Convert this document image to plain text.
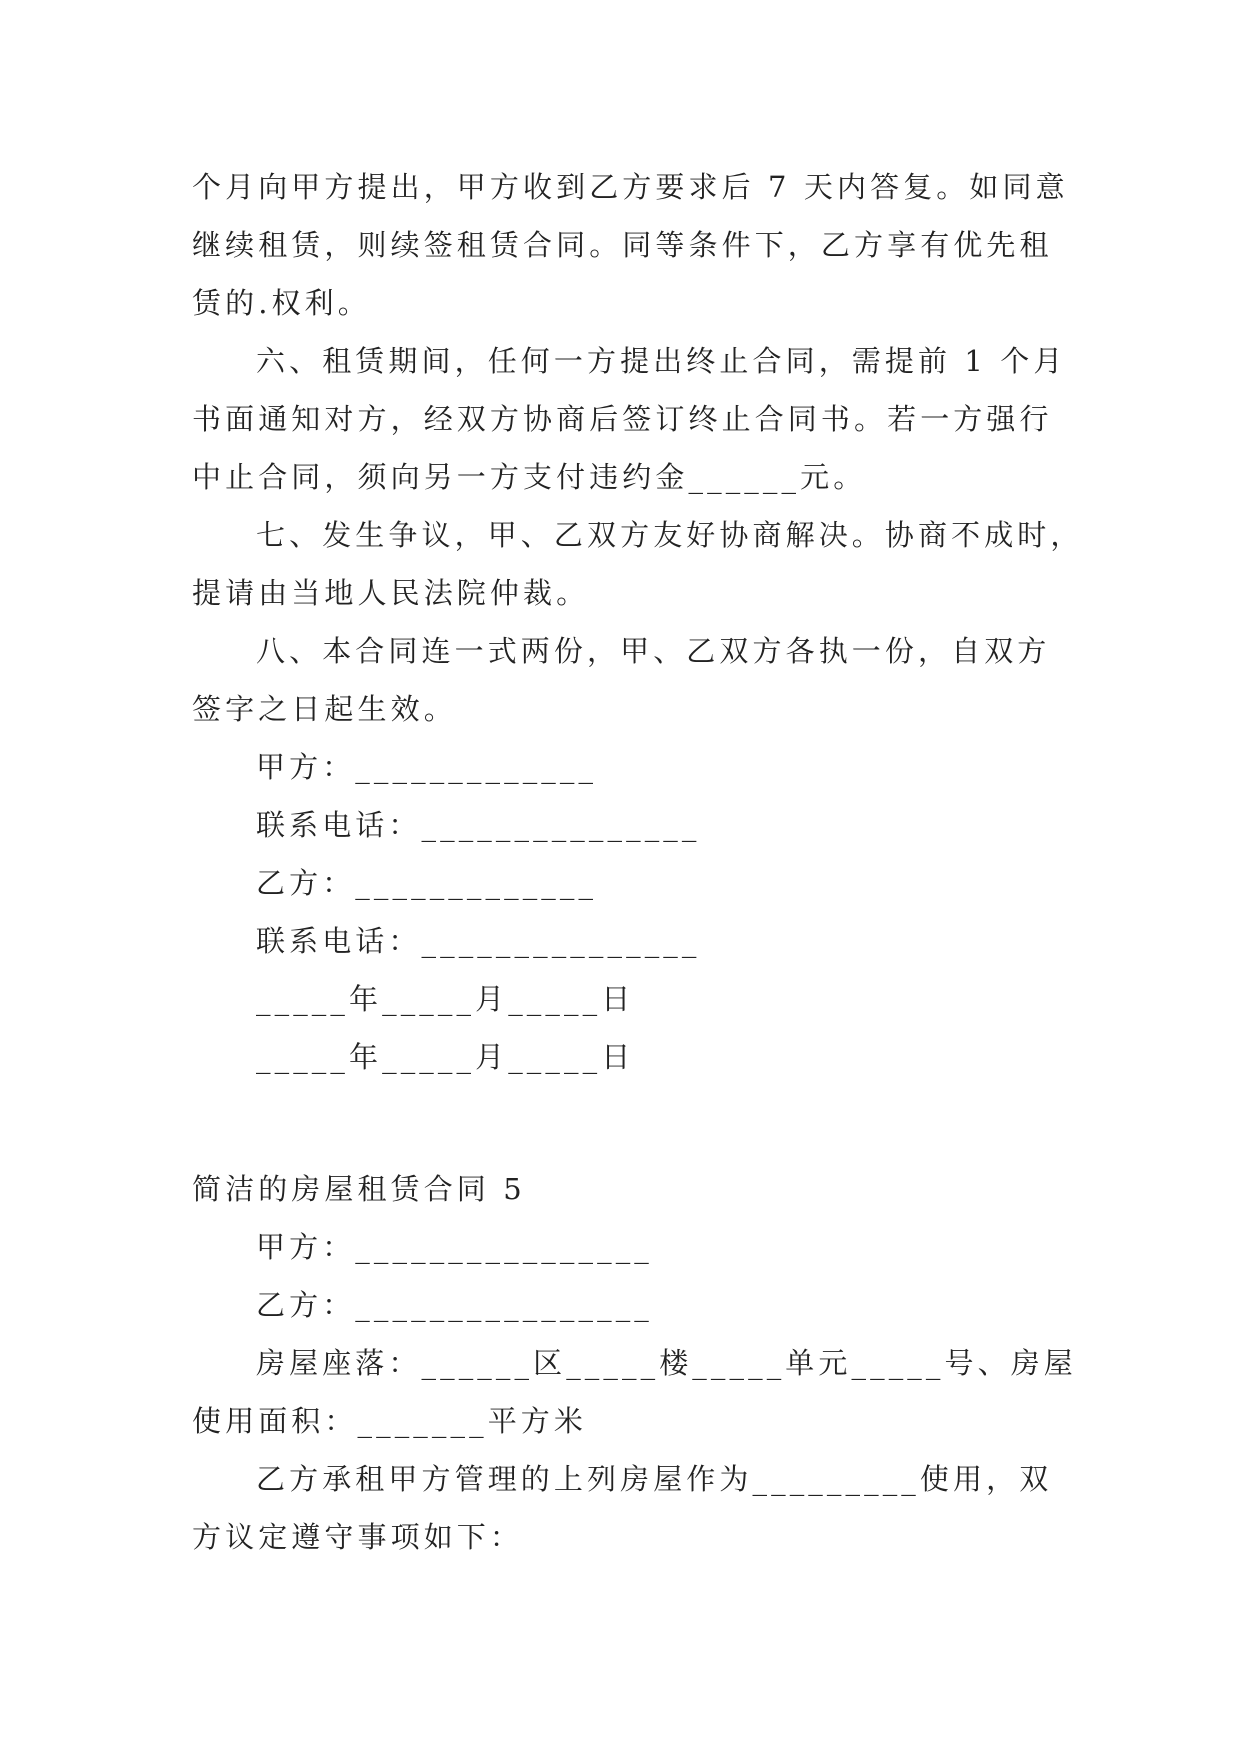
个月向甲方提出，甲方收到乙方要求后 7 天内答复。如同意
继续租赁，则续签租赁合同。同等条件下，乙方享有优先租
赁的.权利。
六、租赁期间，任何一方提出终止合同，需提前 1 个月
书面通知对方，经双方协商后签订终止合同书。若一方强行
中止合同，须向另一方支付违约金______元。
七、发生争议，甲、乙双方友好协商解决。协商不成时，
提请由当地人民法院仲裁。
八、本合同连一式两份，甲、乙双方各执一份，自双方
签字之日起生效。
甲方：_____________
联系电话：_______________
乙方：_____________
联系电话：_______________
_____年_____月_____日
_____年_____月_____日
简洁的房屋租赁合同 5
甲方：________________
乙方：________________
房屋座落：______区_____楼_____单元_____号、房屋
使用面积：_______平方米
乙方承租甲方管理的上列房屋作为_________使用，双
方议定遵守事项如下：
